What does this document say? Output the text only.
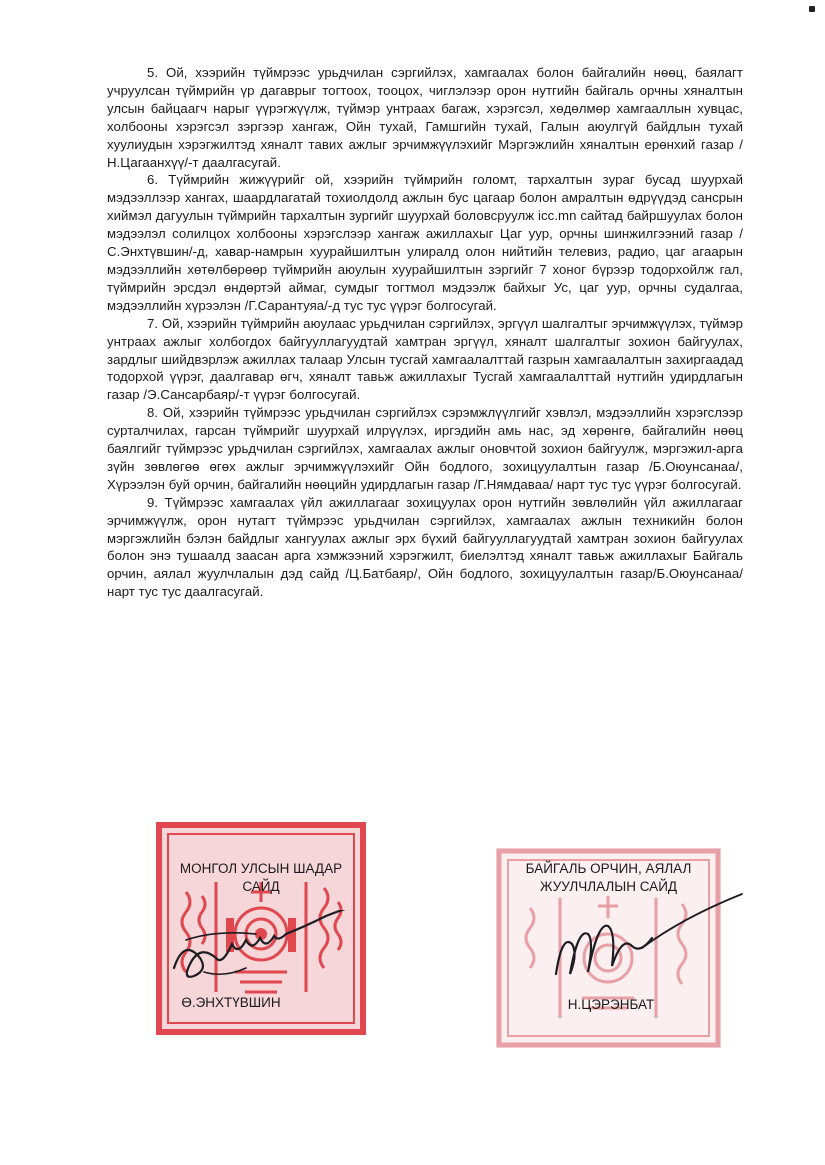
5. Ой, хээрийн түймрээс урьдчилан сэргийлэх, хамгаалах болон байгалийн нөөц, баялагт учруулсан түймрийн үр дагаврыг тогтоох, тооцох, чиглэлээр орон нутгийн байгаль орчны хяналтын улсын байцаагч нарыг үүрэгжүүлж, түймэр унтраах багаж, хэрэгсэл, хөдөлмөр хамгааллын хувцас, холбооны хэрэгсэл зэргээр хангаж, Ойн тухай, Гамшгийн тухай, Галын аюулгүй байдлын тухай хуулиудын хэрэгжилтэд хяналт тавих ажлыг эрчимжүүлэхийг Мэргэжлийн хяналтын ерөнхий газар /Н.Цагаанхүү/-т даалгасугай.

6. Түймрийн жижүүрийг ой, хээрийн түймрийн голомт, тархалтын зураг бусад шуурхай мэдээллээр хангах, шаардлагатай тохиолдолд ажлын бус цагаар болон амралтын өдрүүдэд сансрын хиймэл дагуулын түймрийн тархалтын зургийг шуурхай боловсруулж icc.mn сайтад байршуулах болон мэдээлэл солилцох холбооны хэрэгслээр хангаж ажиллахыг Цаг уур, орчны шинжилгээний газар /С.Энхтүвшин/-д, хавар-намрын хуурайшилтын улиралд олон нийтийн телевиз, радио, цаг агаарын мэдээллийн хөтөлбөрөөр түймрийн аюулын хуурайшилтын зэргийг 7 хоног бүрээр тодорхойлж гал, түймрийн эрсдэл өндөртэй аймаг, сумдыг тогтмол мэдээлж байхыг Ус, цаг уур, орчны судалгаа, мэдээллийн хүрээлэн /Г.Сарантуяа/-д тус тус үүрэг болгосугай.

7. Ой, хээрийн түймрийн аюулаас урьдчилан сэргийлэх, эргүүл шалгалтыг эрчимжүүлэх, түймэр унтраах ажлыг холбогдох байгууллагуудтай хамтран эргүүл, хяналт шалгалтыг зохион байгуулах, зардлыг шийдвэрлэж ажиллах талаар Улсын тусгай хамгаалалттай газрын хамгаалалтын захиргаадад тодорхой үүрэг, даалгавар өгч, хяналт тавьж ажиллахыг Тусгай хамгаалалттай нутгийн удирдлагын газар /Э.Сансарбаяр/-т үүрэг болгосугай.

8. Ой, хээрийн түймрээс урьдчилан сэргийлэх сэрэмжлүүлгийг хэвлэл, мэдээллийн хэрэгслээр сурталчилах, гарсан түймрийг шуурхай илрүүлэх, иргэдийн амь нас, эд хөрөнгө, байгалийн нөөц баялгийг түймрээс урьдчилан сэргийлэх, хамгаалах ажлыг оновчтой зохион байгуулж, мэргэжил-арга зүйн зөвлөгөө өгөх ажлыг эрчимжүүлэхийг Ойн бодлого, зохицуулалтын газар /Б.Оюунсанаа/, Хүрээлэн буй орчин, байгалийн нөөцийн удирдлагын газар /Г.Нямдаваа/ нарт тус тус үүрэг болгосугай.

9. Түймрээс хамгаалах үйл ажиллагааг зохицуулах орон нутгийн зөвлөлийн үйл ажиллагааг эрчимжүүлж, орон нутагт түймрээс урьдчилан сэргийлэх, хамгаалах ажлын техникийн болон мэргэжлийн бэлэн байдлыг хангуулах ажлыг эрх бүхий байгууллагуудтай хамтран зохион байгуулах болон энэ тушаалд заасан арга хэмжээний хэрэгжилт, биелэлтэд хяналт тавьж ажиллахыг Байгаль орчин, аялал жуулчлалын дэд сайд /Ц.Батбаяр/, Ойн бодлого, зохицуулалтын газар/Б.Оюунсанаа/ нарт тус тус даалгасугай.

МОНГОЛ УЛСЫН ШАДАР
САЙД
Ө.ЭНХТҮВШИН
БАЙГАЛЬ ОРЧИН, АЯЛАЛ
ЖУУЛЧЛАЛЫН САЙД
Н.ЦЭРЭНБАТ
